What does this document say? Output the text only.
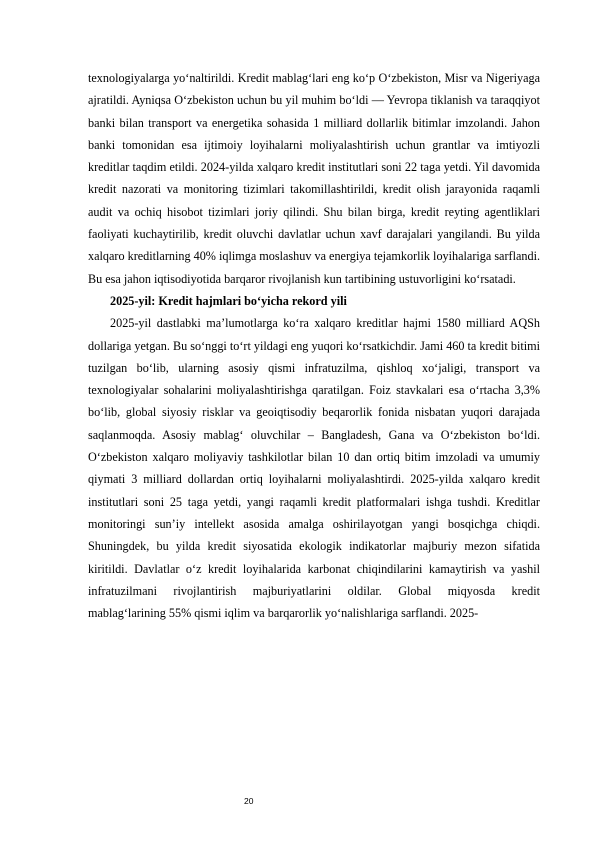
texnologiyalarga yo‘naltirildi. Kredit mablag‘lari eng ko‘p O‘zbekiston, Misr va Nigeriyaga ajratildi. Ayniqsa O‘zbekiston uchun bu yil muhim bo‘ldi — Yevropa tiklanish va taraqqiyot banki bilan transport va energetika sohasida 1 milliard dollarlik bitimlar imzolandi. Jahon banki tomonidan esa ijtimoiy loyihalarni moliyalashtirish uchun grantlar va imtiyozli kreditlar taqdim etildi. 2024-yilda xalqaro kredit institutlari soni 22 taga yetdi. Yil davomida kredit nazorati va monitoring tizimlari takomillashtirildi, kredit olish jarayonida raqamli audit va ochiq hisobot tizimlari joriy qilindi. Shu bilan birga, kredit reyting agentliklari faoliyati kuchaytirilib, kredit oluvchi davlatlar uchun xavf darajalari yangilandi. Bu yilda xalqaro kreditlarning 40% iqlimga moslashuv va energiya tejamkorlik loyihalariga sarflandi. Bu esa jahon iqtisodiyotida barqaror rivojlanish kun tartibining ustuvorligini ko‘rsatadi.

2025-yil: Kredit hajmlari bo‘yicha rekord yili

2025-yil dastlabki ma’lumotlarga ko‘ra xalqaro kreditlar hajmi 1580 milliard AQSh dollariga yetgan. Bu so‘nggi to‘rt yildagi eng yuqori ko‘rsatkichdir. Jami 460 ta kredit bitimi tuzilgan bo‘lib, ularning asosiy qismi infratuzilma, qishloq xo‘jaligi, transport va texnologiyalar sohalarini moliyalashtirishga qaratilgan. Foiz stavkalari esa o‘rtacha 3,3% bo‘lib, global siyosiy risklar va geoiqtisodiy beqarorlik fonida nisbatan yuqori darajada saqlanmoqda. Asosiy mablag‘ oluvchilar – Bangladesh, Gana va O‘zbekiston bo‘ldi. O‘zbekiston xalqaro moliyaviy tashkilotlar bilan 10 dan ortiq bitim imzoladi va umumiy qiymati 3 milliard dollardan ortiq loyihalarni moliyalashtirdi. 2025-yilda xalqaro kredit institutlari soni 25 taga yetdi, yangi raqamli kredit platformalari ishga tushdi. Kreditlar monitoringi sun’iy intellekt asosida amalga oshirilayotgan yangi bosqichga chiqdi. Shuningdek, bu yilda kredit siyosatida ekologik indikatorlar majburiy mezon sifatida kiritildi. Davlatlar o‘z kredit loyihalarida karbonat chiqindilarini kamaytirish va yashil infratuzilmani rivojlantirish majburiyatlarini oldilar. Global miqyosda kredit mablag‘larining 55% qismi iqlim va barqarorlik yo‘nalishlariga sarflandi. 2025-

20
